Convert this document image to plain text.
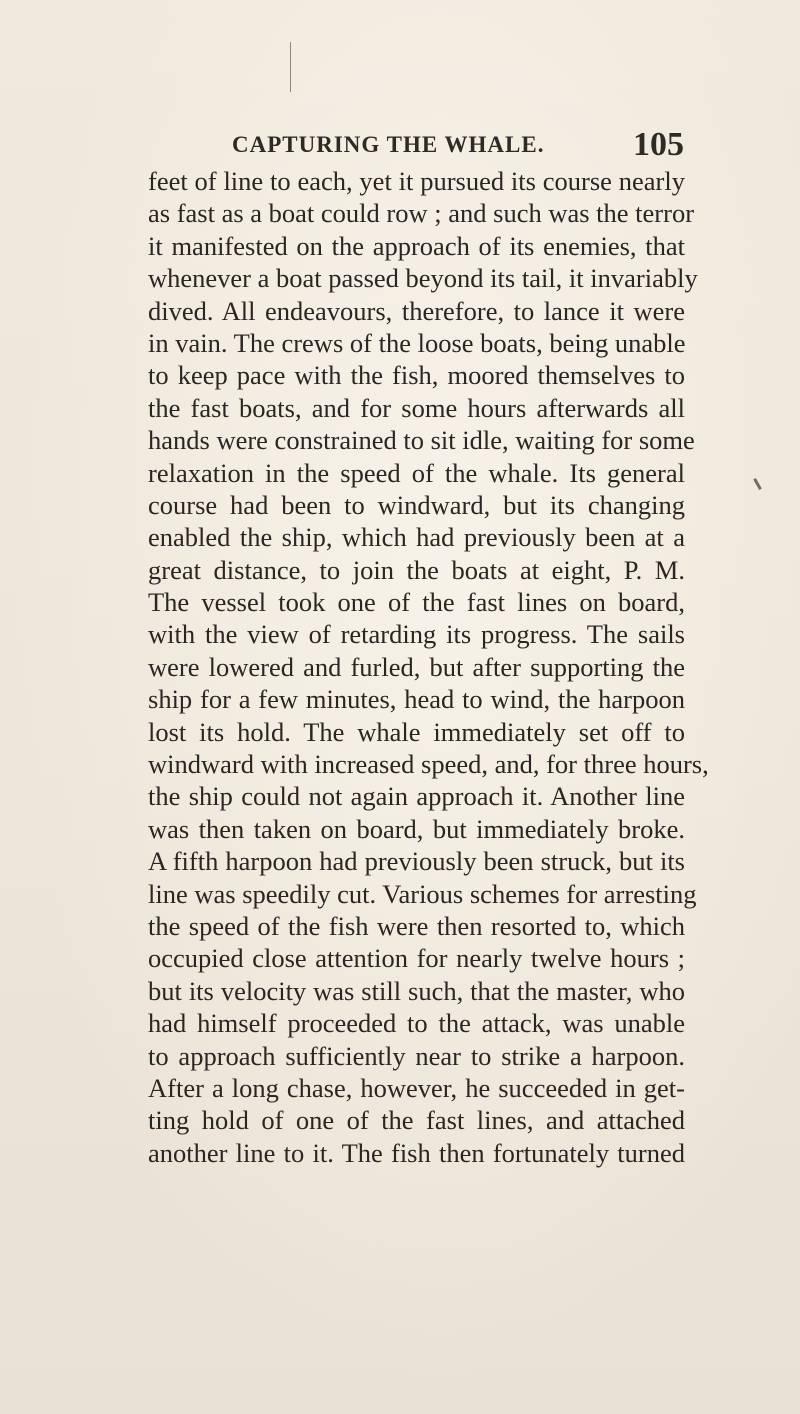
CAPTURING THE WHALE.	105
feet of line to each, yet it pursued its course nearly
as fast as a boat could row ; and such was the terror
it manifested on the approach of its enemies, that
whenever a boat passed beyond its tail, it invariably
dived. All endeavours, therefore, to lance it were
in vain. The crews of the loose boats, being unable
to keep pace with the fish, moored themselves to
the fast boats, and for some hours afterwards all
hands were constrained to sit idle, waiting for some
relaxation in the speed of the whale. Its general
course had been to windward, but its changing
enabled the ship, which had previously been at a
great distance, to join the boats at eight, P. M.
The vessel took one of the fast lines on board,
with the view of retarding its progress. The sails
were lowered and furled, but after supporting the
ship for a few minutes, head to wind, the harpoon
lost its hold. The whale immediately set off to
windward with increased speed, and, for three hours,
the ship could not again approach it. Another line
was then taken on board, but immediately broke.
A fifth harpoon had previously been struck, but its
line was speedily cut. Various schemes for arresting
the speed of the fish were then resorted to, which
occupied close attention for nearly twelve hours ;
but its velocity was still such, that the master, who
had himself proceeded to the attack, was unable
to approach sufficiently near to strike a harpoon.
After a long chase, however, he succeeded in get-
ting hold of one of the fast lines, and attached
another line to it. The fish then fortunately turned
